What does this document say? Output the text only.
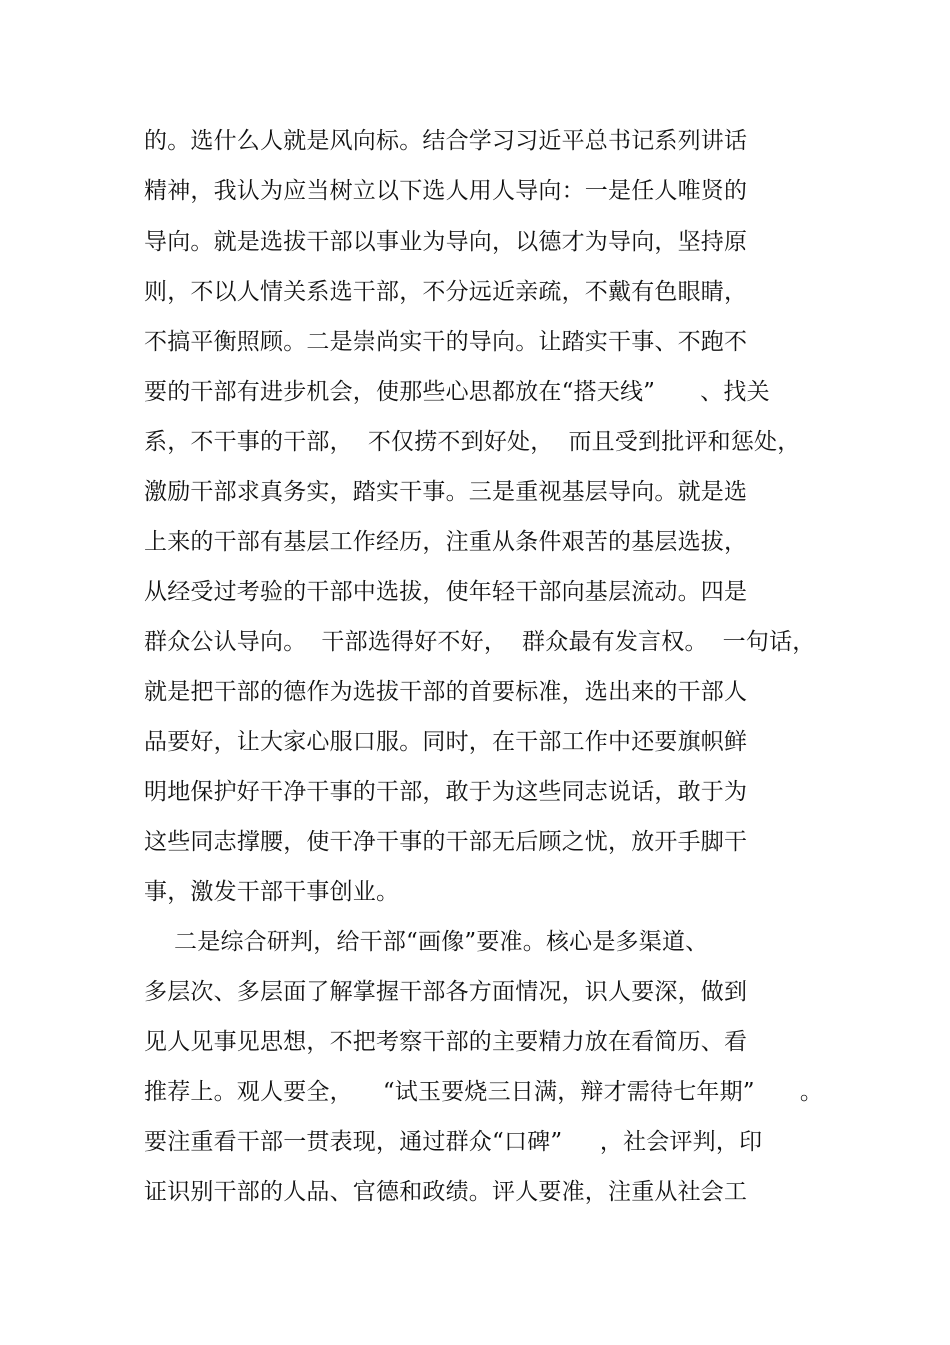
的。选什么人就是风向标。结合学习习近平总书记系列讲话
精神，我认为应当树立以下选人用人导向：一是任人唯贤的
导向。就是选拔干部以事业为导向，以德才为导向，坚持原
则，不以人情关系选干部，不分远近亲疏，不戴有色眼睛，
不搞平衡照顾。二是崇尚实干的导向。让踏实干事、不跑不
要的干部有进步机会，使那些心思都放在“搭天线”      、找关
系，不干事的干部，  不仅捞不到好处，  而且受到批评和惩处，
激励干部求真务实，踏实干事。三是重视基层导向。就是选
上来的干部有基层工作经历，注重从条件艰苦的基层选拔，
从经受过考验的干部中选拔，使年轻干部向基层流动。四是
群众公认导向。  干部选得好不好，  群众最有发言权。  一句话，
就是把干部的德作为选拔干部的首要标准，选出来的干部人
品要好，让大家心服口服。同时，在干部工作中还要旗帜鲜
明地保护好干净干事的干部，敢于为这些同志说话，敢于为
这些同志撑腰，使干净干事的干部无后顾之忧，放开手脚干
事，激发干部干事创业。
二是综合研判，给干部“画像”要准。核心是多渠道、
多层次、多层面了解掌握干部各方面情况，识人要深，做到
见人见事见思想，不把考察干部的主要精力放在看简历、看
推荐上。观人要全，    “试玉要烧三日满，辩才需待七年期”      。
要注重看干部一贯表现，通过群众“口碑”     ，社会评判，印
证识别干部的人品、官德和政绩。评人要准，注重从社会工
